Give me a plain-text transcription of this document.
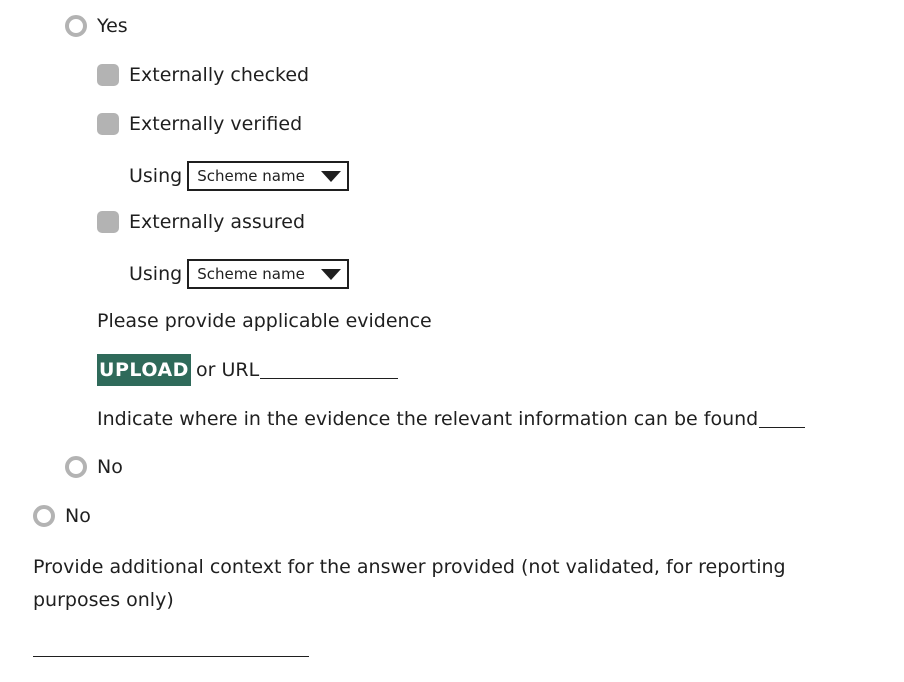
Yes
Externally checked
Externally verified
Using Scheme name
Externally assured
Using Scheme name
Please provide applicable evidence
UPLOAD or URL
Indicate where in the evidence the relevant information can be found
No
No
Provide additional context for the answer provided (not validated, for reporting purposes only)
